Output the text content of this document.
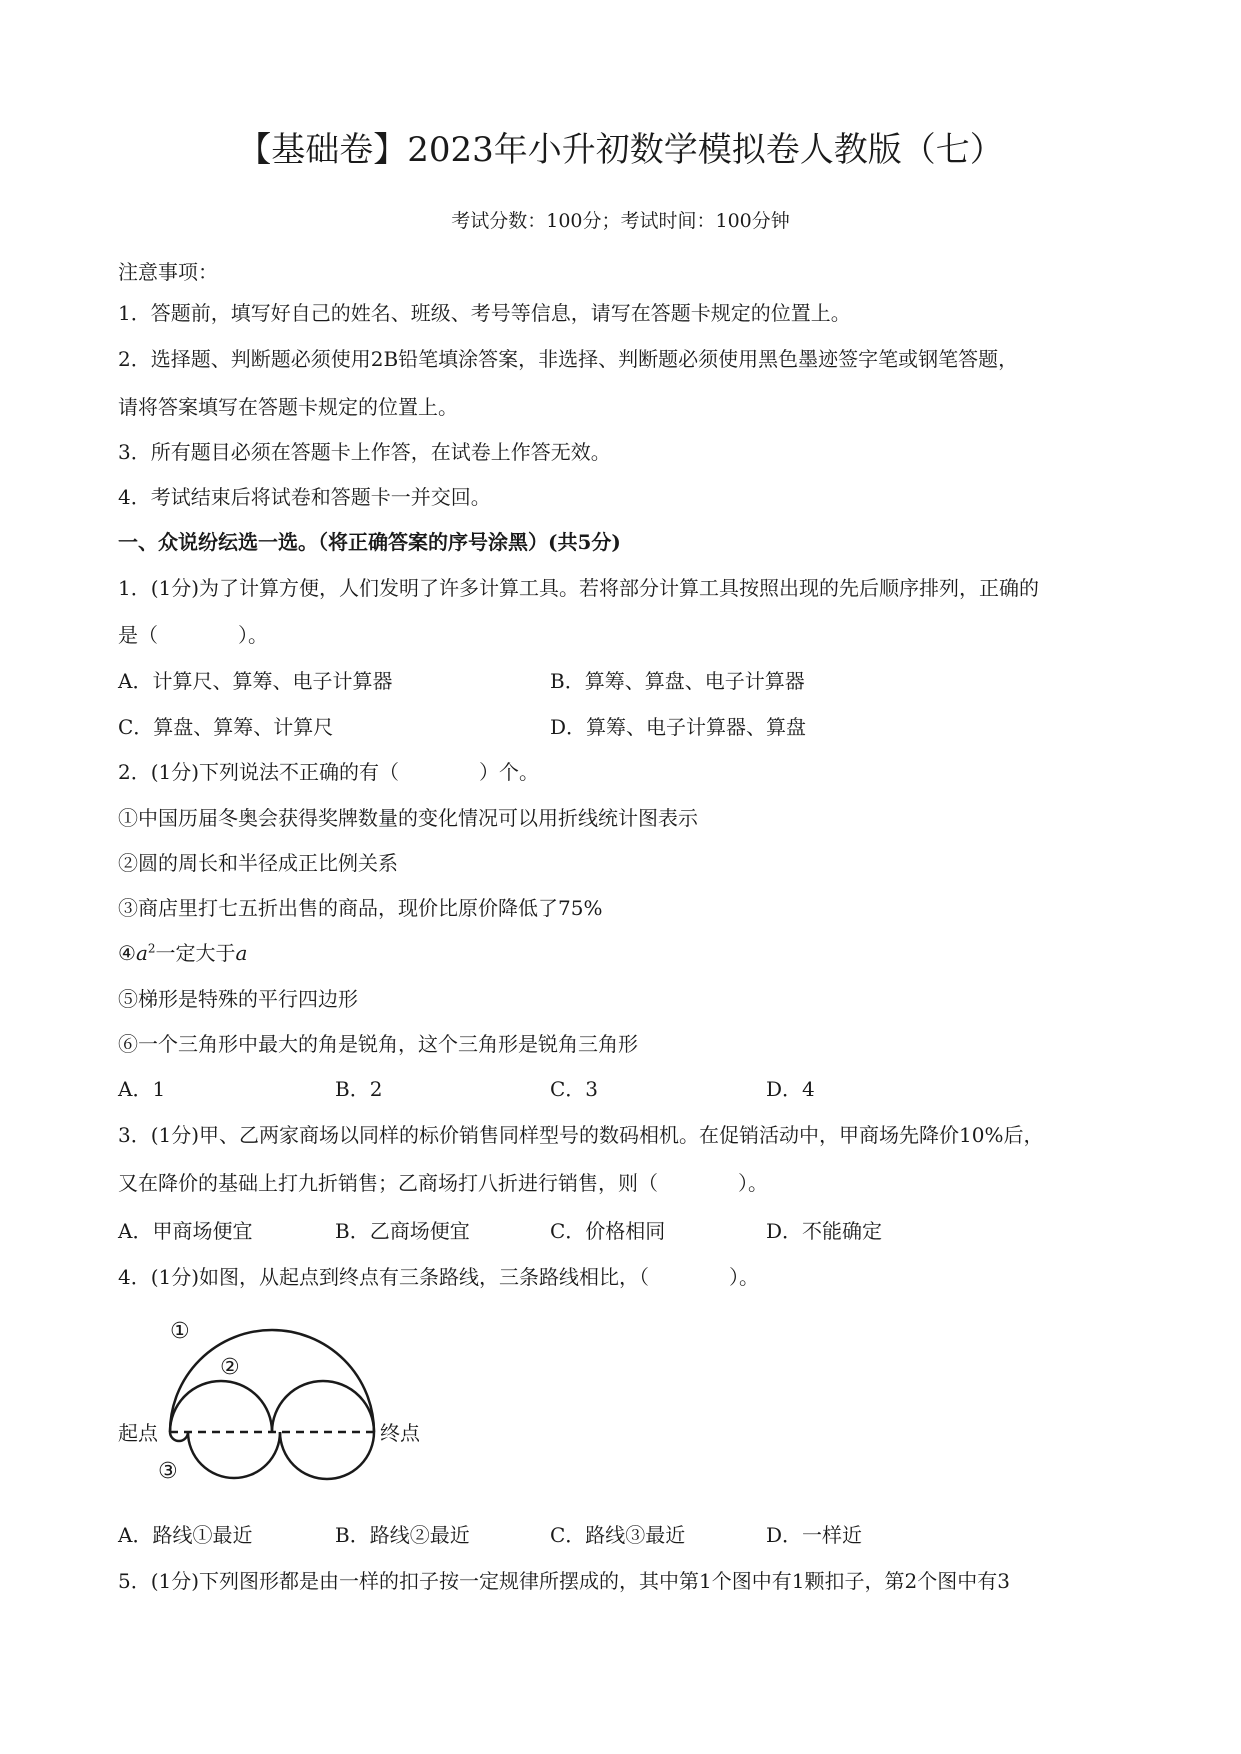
【基础卷】2023年小升初数学模拟卷人教版（七）
考试分数：100分；考试时间：100分钟
注意事项：
1．答题前，填写好自己的姓名、班级、考号等信息，请写在答题卡规定的位置上。
2．选择题、判断题必须使用2B铅笔填涂答案，非选择、判断题必须使用黑色墨迹签字笔或钢笔答题，
请将答案填写在答题卡规定的位置上。
3．所有题目必须在答题卡上作答，在试卷上作答无效。
4．考试结束后将试卷和答题卡一并交回。
一、众说纷纭选一选。（将正确答案的序号涂黑）(共5分)
1．(1分)为了计算方便，人们发明了许多计算工具。若将部分计算工具按照出现的先后顺序排列，正确的
是（　　　　）。
A．计算尺、算筹、电子计算器	B．算筹、算盘、电子计算器
C．算盘、算筹、计算尺	D．算筹、电子计算器、算盘
2．(1分)下列说法不正确的有（　　　　）个。
①中国历届冬奥会获得奖牌数量的变化情况可以用折线统计图表示
②圆的周长和半径成正比例关系
③商店里打七五折出售的商品，现价比原价降低了75%
$④a^2$一定大于a
⑤梯形是特殊的平行四边形
⑥一个三角形中最大的角是锐角，这个三角形是锐角三角形
A．1	B．2	C．3	D．4
3．(1分)甲、乙两家商场以同样的标价销售同样型号的数码相机。在促销活动中，甲商场先降价10%后，
又在降价的基础上打九折销售；乙商场打八折进行销售，则（　　　　）。
A．甲商场便宜	B．乙商场便宜	C．价格相同	D．不能确定
4．(1分)如图，从起点到终点有三条路线，三条路线相比，（　　　　）。
起点	终点
①
②
③
A．路线①最近	B．路线②最近	C．路线③最近	D．一样近
5．(1分)下列图形都是由一样的扣子按一定规律所摆成的，其中第1个图中有1颗扣子，第2个图中有3
